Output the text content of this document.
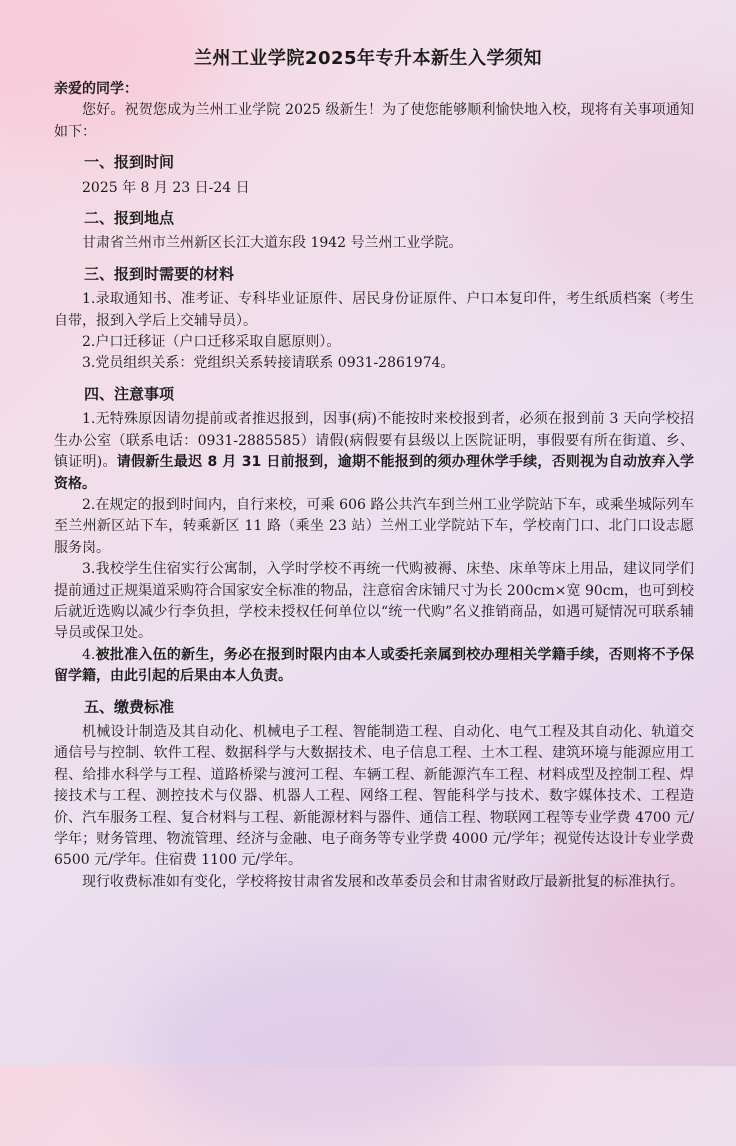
兰州工业学院2025年专升本新生入学须知
亲爱的同学：
您好。祝贺您成为兰州工业学院 2025 级新生！为了使您能够顺利愉快地入校，现将有关事项通知如下：
一、报到时间
2025 年 8 月 23 日-24 日
二、报到地点
甘肃省兰州市兰州新区长江大道东段 1942 号兰州工业学院。
三、报到时需要的材料
1.录取通知书、准考证、专科毕业证原件、居民身份证原件、户口本复印件，考生纸质档案（考生自带，报到入学后上交辅导员）。
2.户口迁移证（户口迁移采取自愿原则）。
3.党员组织关系：党组织关系转接请联系 0931-2861974。
四、注意事项
1.无特殊原因请勿提前或者推迟报到，因事(病)不能按时来校报到者，必须在报到前 3 天向学校招生办公室（联系电话：0931-2885585）请假(病假要有县级以上医院证明，事假要有所在街道、乡、镇证明)。请假新生最迟 8 月 31 日前报到，逾期不能报到的须办理休学手续，否则视为自动放弃入学资格。
2.在规定的报到时间内，自行来校，可乘 606 路公共汽车到兰州工业学院站下车，或乘坐城际列车至兰州新区站下车，转乘新区 11 路（乘坐 23 站）兰州工业学院站下车，学校南门口、北门口设志愿服务岗。
3.我校学生住宿实行公寓制，入学时学校不再统一代购被褥、床垫、床单等床上用品，建议同学们提前通过正规渠道采购符合国家安全标准的物品，注意宿舍床铺尺寸为长 200cm×宽 90cm，也可到校后就近选购以减少行李负担，学校未授权任何单位以“统一代购”名义推销商品，如遇可疑情况可联系辅导员或保卫处。
4.被批准入伍的新生，务必在报到时限内由本人或委托亲属到校办理相关学籍手续，否则将不予保留学籍，由此引起的后果由本人负责。
五、缴费标准
机械设计制造及其自动化、机械电子工程、智能制造工程、自动化、电气工程及其自动化、轨道交通信号与控制、软件工程、数据科学与大数据技术、电子信息工程、土木工程、建筑环境与能源应用工程、给排水科学与工程、道路桥梁与渡河工程、车辆工程、新能源汽车工程、材料成型及控制工程、焊接技术与工程、测控技术与仪器、机器人工程、网络工程、智能科学与技术、数字媒体技术、工程造价、汽车服务工程、复合材料与工程、新能源材料与器件、通信工程、物联网工程等专业学费 4700 元/学年；财务管理、物流管理、经济与金融、电子商务等专业学费 4000 元/学年；视觉传达设计专业学费 6500 元/学年。住宿费 1100 元/学年。
现行收费标准如有变化，学校将按甘肃省发展和改革委员会和甘肃省财政厅最新批复的标准执行。
